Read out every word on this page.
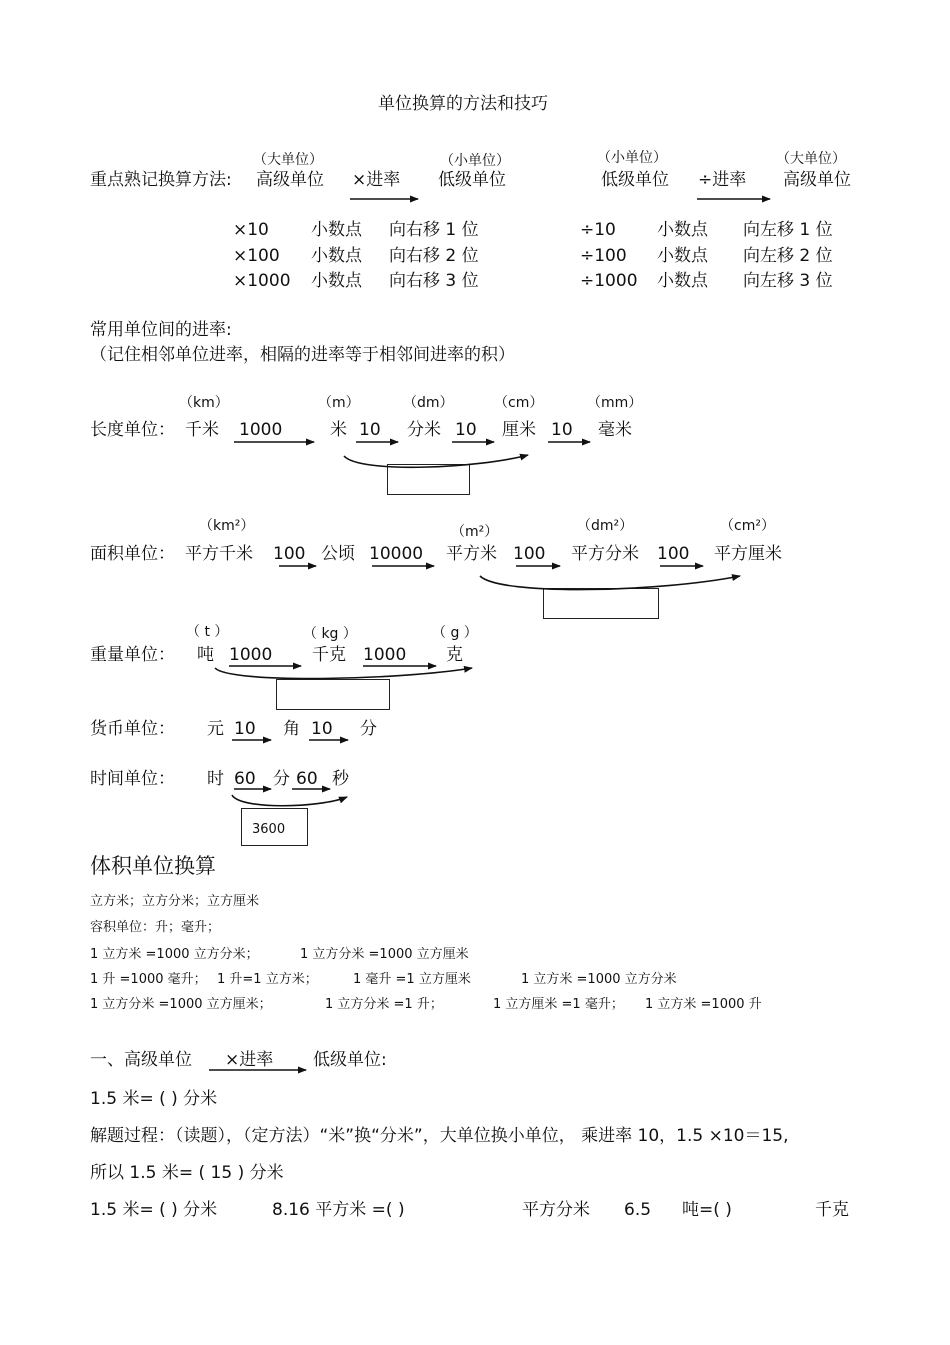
单位换算的方法和技巧
重点熟记换算方法:
（大单位）
高级单位 ×进率
（小单位）
低级单位
（小单位）
低级单位 ÷进率
（大单位）
高级单位
×10 小数点 向右移 1 位
×100 小数点 向右移 2 位
×1000 小数点 向右移 3 位
÷10 小数点 向左移 1 位
÷100 小数点 向左移 2 位
÷1000 小数点 向左移 3 位
常用单位间的进率:
（记住相邻单位进率，相隔的进率等于相邻间进率的积）
（km）	（m）	（dm）	（cm）	（mm）
长度单位： 千米 1000	米 10 分米 10 厘米 10 毫米
（km²）	（m²）	（dm²）	（cm²）
面积单位： 平方千米 100 公顷 10000 平方米 100 平方分米 100 平方厘米
（ t ）	（ kg ）	（ g ）
重量单位： 吨 1000 千克 1000 克
货币单位： 元 10 角 10 分
时间单位： 时 60 分 60 秒
3600
体积单位换算
立方米；立方分米；立方厘米
容积单位：升；毫升；
1 立方米 =1000 立方分米；	1 立方分米 =1000 立方厘米
1 升 =1000 毫升； 1 升=1 立方米；	1 毫升 =1 立方厘米	1 立方米 =1000 立方分米
1 立方分米 =1000 立方厘米；	1 立方分米 =1 升；	1 立方厘米 =1 毫升； 1 立方米 =1000 升
一、高级单位 ×进率 低级单位:
1.5 米= ( ) 分米
解题过程：（读题），（定方法）“米”换“分米”，大单位换小单位， 乘进率 10，1.5 ×10＝15,
所以 1.5 米= ( 15 ) 分米
1.5 米= ( ) 分米	8.16 平方米 =( )	平方分米 6.5 吨=( )	千克
